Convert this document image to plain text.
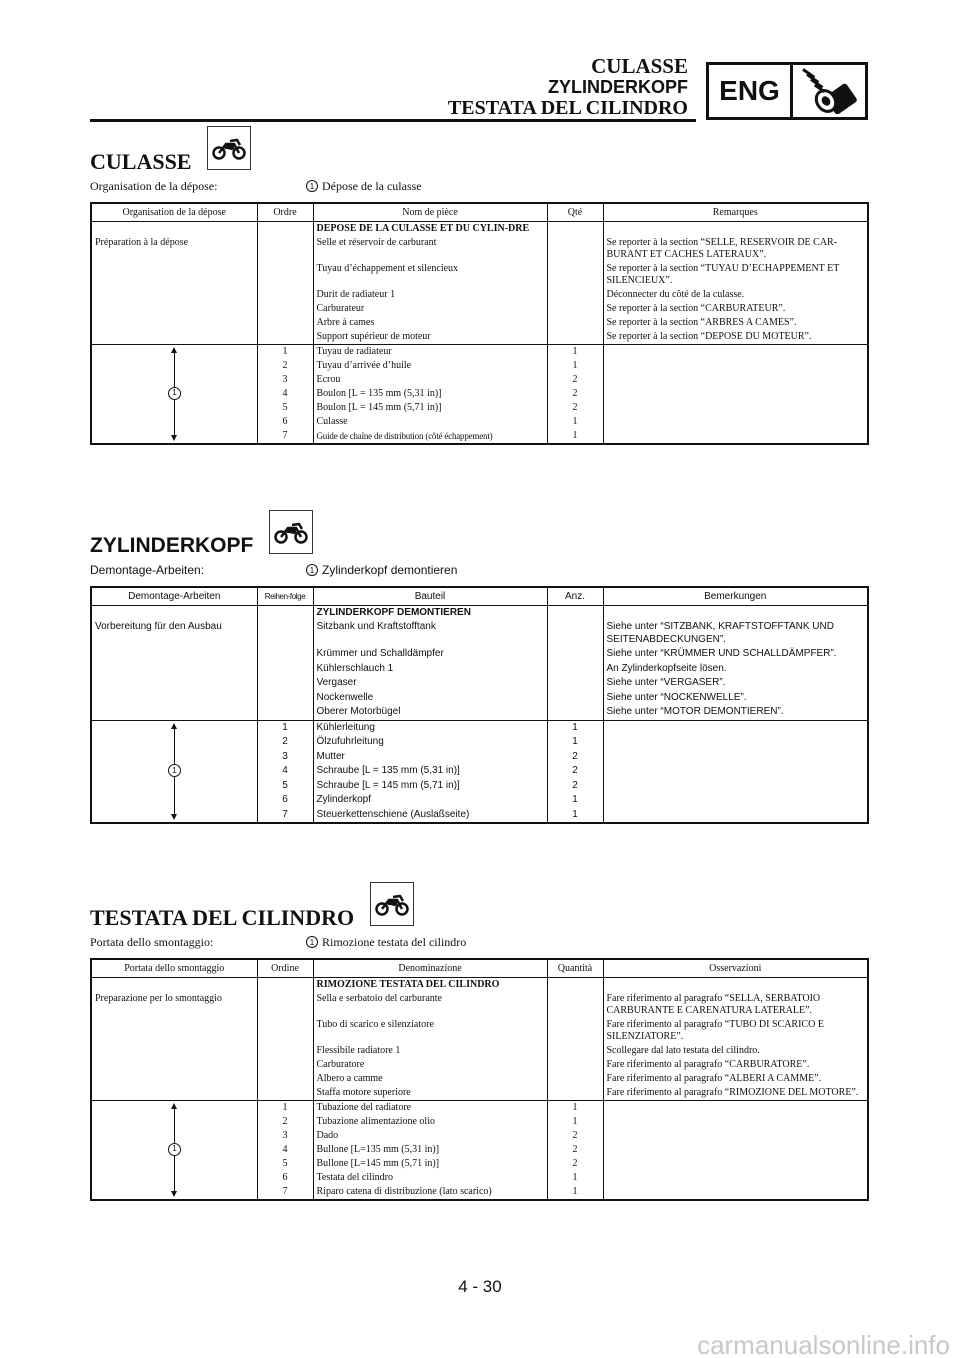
CULASSE
ZYLINDERKOPF
TESTATA DEL CILINDRO
ENG
CULASSE
Organisation de la dépose:	1 Dépose de la culasse
Organisation de la dépose	Ordre	Nom de pièce	Qté	Remarques
		DEPOSE DE LA CULASSE ET DU CYLIN-DRE		
Préparation à la dépose		Selle et réservoir de carburant		Se reporter à la section “SELLE, RESERVOIR DE CAR-BURANT ET CACHES LATERAUX”.
		Tuyau d’échappement et silencieux		Se reporter à la section “TUYAU D’ECHAPPEMENT ET SILENCIEUX”.
		Durit de radiateur 1		Déconnecter du côté de la culasse.
		Carburateur		Se reporter à la section “CARBURATEUR”.
		Arbre à cames		Se reporter à la section “ARBRES A CAMES”.
		Support supérieur de moteur		Se reporter à la section “DEPOSE DU MOTEUR”.

1	1	Tuyau de radiateur	1	
	2	Tuyau d’arrivée d’huile	1	
	3	Ecrou	2	
	4	Boulon [L = 135 mm (5,31 in)]	2	
	5	Boulon [L = 145 mm (5,71 in)]	2	
	6	Culasse	1	
	7	Guide de chaîne de distribution (côté échappement)	1	
ZYLINDERKOPF
Demontage-Arbeiten:	1 Zylinderkopf demontieren
Demontage-Arbeiten	Reihen-folge	Bauteil	Anz.	Bemerkungen
		ZYLINDERKOPF DEMONTIEREN		
Vorbereitung für den Ausbau		Sitzbank und Kraftstofftank		Siehe unter “SITZBANK, KRAFTSTOFFTANK UND SEITENABDECKUNGEN”.
		Krümmer und Schalldämpfer		Siehe unter “KRÜMMER UND SCHALLDÄMPFER”.
		Kühlerschlauch 1		An Zylinderkopfseite lösen.
		Vergaser		Siehe unter “VERGASER”.
		Nockenwelle		Siehe unter “NOCKENWELLE”.
		Oberer Motorbügel		Siehe unter “MOTOR DEMONTIEREN”.

1	1	Kühlerleitung	1	
	2	Ölzufuhrleitung	1	
	3	Mutter	2	
	4	Schraube [L = 135 mm (5,31 in)]	2	
	5	Schraube [L = 145 mm (5,71 in)]	2	
	6	Zylinderkopf	1	
	7	Steuerkettenschiene (Auslaßseite)	1	
TESTATA DEL CILINDRO
Portata dello smontaggio:	1 Rimozione testata del cilindro
Portata dello smontaggio	Ordine	Denominazione	Quantità	Osservazioni
		RIMOZIONE TESTATA DEL CILINDRO		
Preparazione per lo smontaggio		Sella e serbatoio del carburante		Fare riferimento al paragrafo “SELLA, SERBATOIO CARBURANTE E CARENATURA LATERALE”.
		Tubo di scarico e silenziatore		Fare riferimento al paragrafo “TUBO DI SCARICO E SILENZIATORE”.
		Flessibile radiatore 1		Scollegare dal lato testata del cilindro.
		Carburatore		Fare riferimento al paragrafo “CARBURATORE”.
		Albero a camme		Fare riferimento al paragrafo “ALBERI A CAMME”.
		Staffa motore superiore		Fare riferimento al paragrafo “RIMOZIONE DEL MOTORE”.

1	1	Tubazione del radiatore	1	
	2	Tubazione alimentazione olio	1	
	3	Dado	2	
	4	Bullone [L=135 mm (5,31 in)]	2	
	5	Bullone [L=145 mm (5,71 in)]	2	
	6	Testata del cilindro	1	
	7	Riparo catena di distribuzione (lato scarico)	1	
4 - 30
carmanualsonline.info
